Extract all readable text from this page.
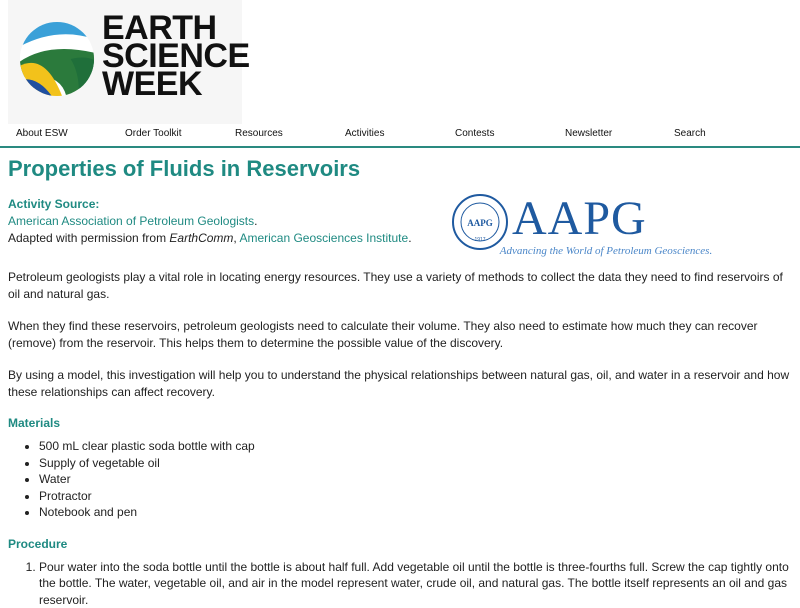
EARTH
SCIENCE
WEEK
About ESW	Order Toolkit	Resources	Activities	Contests	Newsletter	Search
Properties of Fluids in Reservoirs
Activity Source:
American Association of Petroleum Geologists.
Adapted with permission from EarthComm, American Geosciences Institute.
AAPG
1917 AAPG
Advancing the World of Petroleum Geosciences.

Petroleum geologists play a vital role in locating energy resources. They use a variety of methods to collect the data they need to find reservoirs of oil and natural gas.

When they find these reservoirs, petroleum geologists need to calculate their volume. They also need to estimate how much they can recover (remove) from the reservoir. This helps them to determine the possible value of the discovery.

By using a model, this investigation will help you to understand the physical relationships between natural gas, oil, and water in a reservoir and how these relationships can affect recovery.

Materials
• 500 mL clear plastic soda bottle with cap
• Supply of vegetable oil
• Water
• Protractor
• Notebook and pen
Procedure
1. Pour water into the soda bottle until the bottle is about half full. Add vegetable oil until the bottle is three-fourths full. Screw the cap tightly onto the bottle. The water, vegetable oil, and air in the model represent water, crude oil, and natural gas. The bottle itself represents an oil and gas reservoir.
